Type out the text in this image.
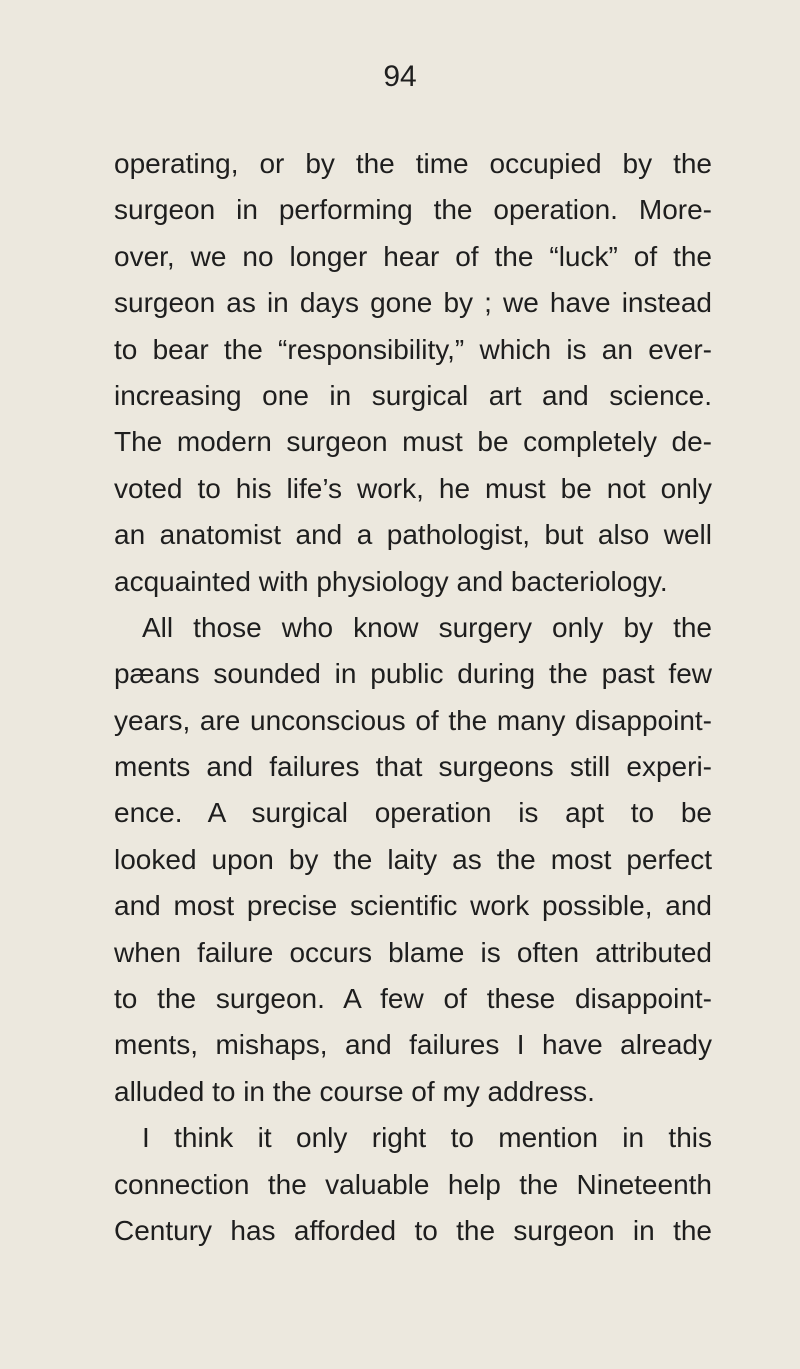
94
operating, or by the time occupied by the
surgeon in performing the operation. More-
over, we no longer hear of the “luck” of the
surgeon as in days gone by ; we have instead
to bear the “responsibility,” which is an ever-
increasing one in surgical art and science.
The modern surgeon must be completely de-
voted to his life’s work, he must be not only
an anatomist and a pathologist, but also well
acquainted with physiology and bacteriology.
All those who know surgery only by the
pæans sounded in public during the past few
years, are unconscious of the many disappoint-
ments and failures that surgeons still experi-
ence. A surgical operation is apt to be
looked upon by the laity as the most perfect
and most precise scientific work possible, and
when failure occurs blame is often attributed
to the surgeon. A few of these disappoint-
ments, mishaps, and failures I have already
alluded to in the course of my address.
I think it only right to mention in this
connection the valuable help the Nineteenth
Century has afforded to the surgeon in the
